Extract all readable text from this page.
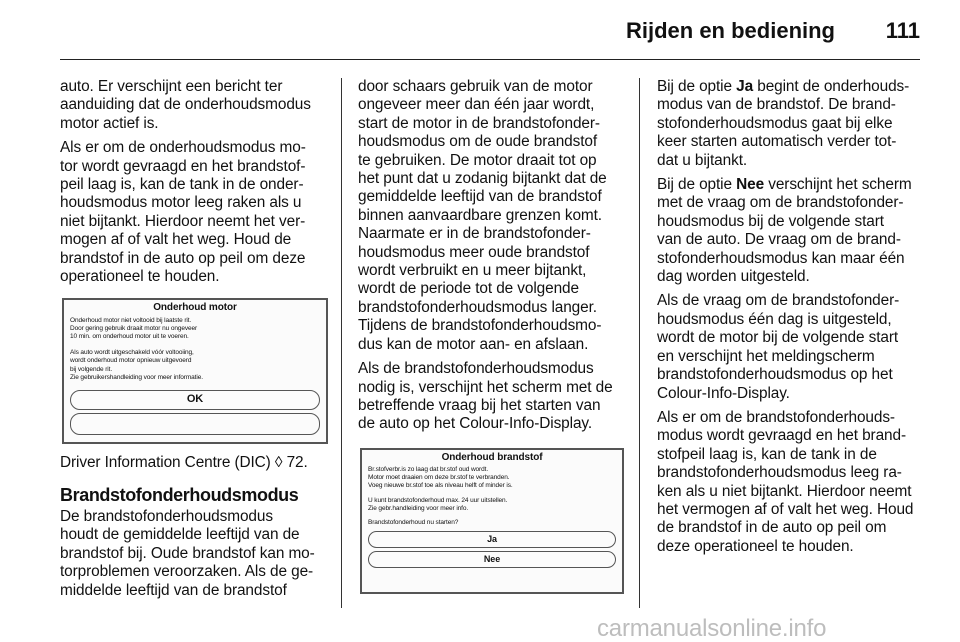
Rijden en bediening 111

auto. Er verschijnt een bericht ter
aanduiding dat de onderhoudsmodus
motor actief is.

Als er om de onderhoudsmodus mo-
tor wordt gevraagd en het brandstof-
peil laag is, kan de tank in de onder-
houdsmodus motor leeg raken als u
niet bijtankt. Hierdoor neemt het ver-
mogen af of valt het weg. Houd de
brandstof in de auto op peil om deze
operationeel te houden.

Onderhoud motor
Onderhoud motor niet voltooid bij laatste rit.
Door gering gebruik draait motor nu ongeveer
10 min. om onderhoud motor uit te voeren.
Als auto wordt uitgeschakeld vóór voltooiing,
wordt onderhoud motor opnieuw uitgevoerd
bij volgende rit.
Zie gebruikershandleiding voor meer informatie.
OK

Driver Information Centre (DIC) ◊ 72.

Brandstofonderhoudsmodus

De brandstofonderhoudsmodus
houdt de gemiddelde leeftijd van de
brandstof bij. Oude brandstof kan mo-
torproblemen veroorzaken. Als de ge-
middelde leeftijd van de brandstof

door schaars gebruik van de motor
ongeveer meer dan één jaar wordt,
start de motor in de brandstofonder-
houdsmodus om de oude brandstof
te gebruiken. De motor draait tot op
het punt dat u zodanig bijtankt dat de
gemiddelde leeftijd van de brandstof
binnen aanvaardbare grenzen komt.
Naarmate er in de brandstofonder-
houdsmodus meer oude brandstof
wordt verbruikt en u meer bijtankt,
wordt de periode tot de volgende
brandstofonderhoudsmodus langer.
Tijdens de brandstofonderhoudsmo-
dus kan de motor aan- en afslaan.

Als de brandstofonderhoudsmodus
nodig is, verschijnt het scherm met de
betreffende vraag bij het starten van
de auto op het Colour-Info-Display.

Onderhoud brandstof
Br.stofverbr.is zo laag dat br.stof oud wordt.
Motor moet draaien om deze br.stof te verbranden.
Voeg nieuwe br.stof toe als niveau helft of minder is.
U kunt brandstofonderhoud max. 24 uur uitstellen.
Zie gebr.handleiding voor meer info.
Brandstofonderhoud nu starten?
Ja
Nee

Bij de optie Ja begint de onderhouds-
modus van de brandstof. De brand-
stofonderhoudsmodus gaat bij elke
keer starten automatisch verder tot-
dat u bijtankt.

Bij de optie Nee verschijnt het scherm
met de vraag om de brandstofonder-
houdsmodus bij de volgende start
van de auto. De vraag om de brand-
stofonderhoudsmodus kan maar één
dag worden uitgesteld.

Als de vraag om de brandstofonder-
houdsmodus één dag is uitgesteld,
wordt de motor bij de volgende start
en verschijnt het meldingscherm
brandstofonderhoudsmodus op het
Colour-Info-Display.

Als er om de brandstofonderhouds-
modus wordt gevraagd en het brand-
stofpeil laag is, kan de tank in de
brandstofonderhoudsmodus leeg ra-
ken als u niet bijtankt. Hierdoor neemt
het vermogen af of valt het weg. Houd
de brandstof in de auto op peil om
deze operationeel te houden.

carmanualsonline.info
